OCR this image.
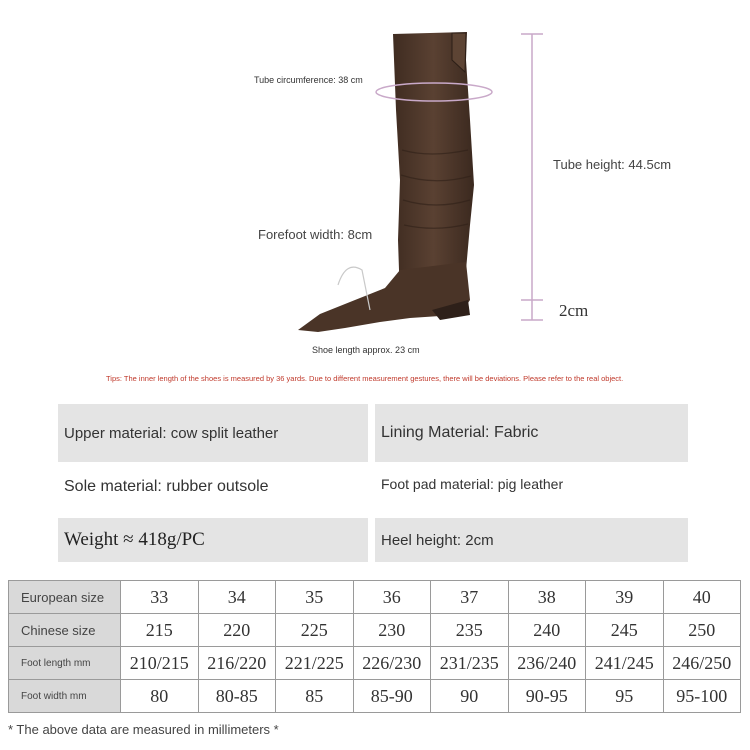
Tube circumference: 38 cm
Tube height: 44.5cm
Forefoot width: 8cm
2cm
Shoe length approx. 23 cm
Tips: The inner length of the shoes is measured by 36 yards. Due to different measurement gestures, there will be deviations. Please refer to the real object.
Upper material: cow split leather	Lining Material: Fabric
Sole material: rubber outsole	Foot pad material: pig leather
Weight ≈ 418g/PC	Heel height: 2cm
European size	33	34	35	36	37	38	39	40
Chinese size	215	220	225	230	235	240	245	250
Foot length mm	210/215	216/220	221/225	226/230	231/235	236/240	241/245	246/250
Foot width mm	80	80-85	85	85-90	90	90-95	95	95-100
* The above data are measured in millimeters *
